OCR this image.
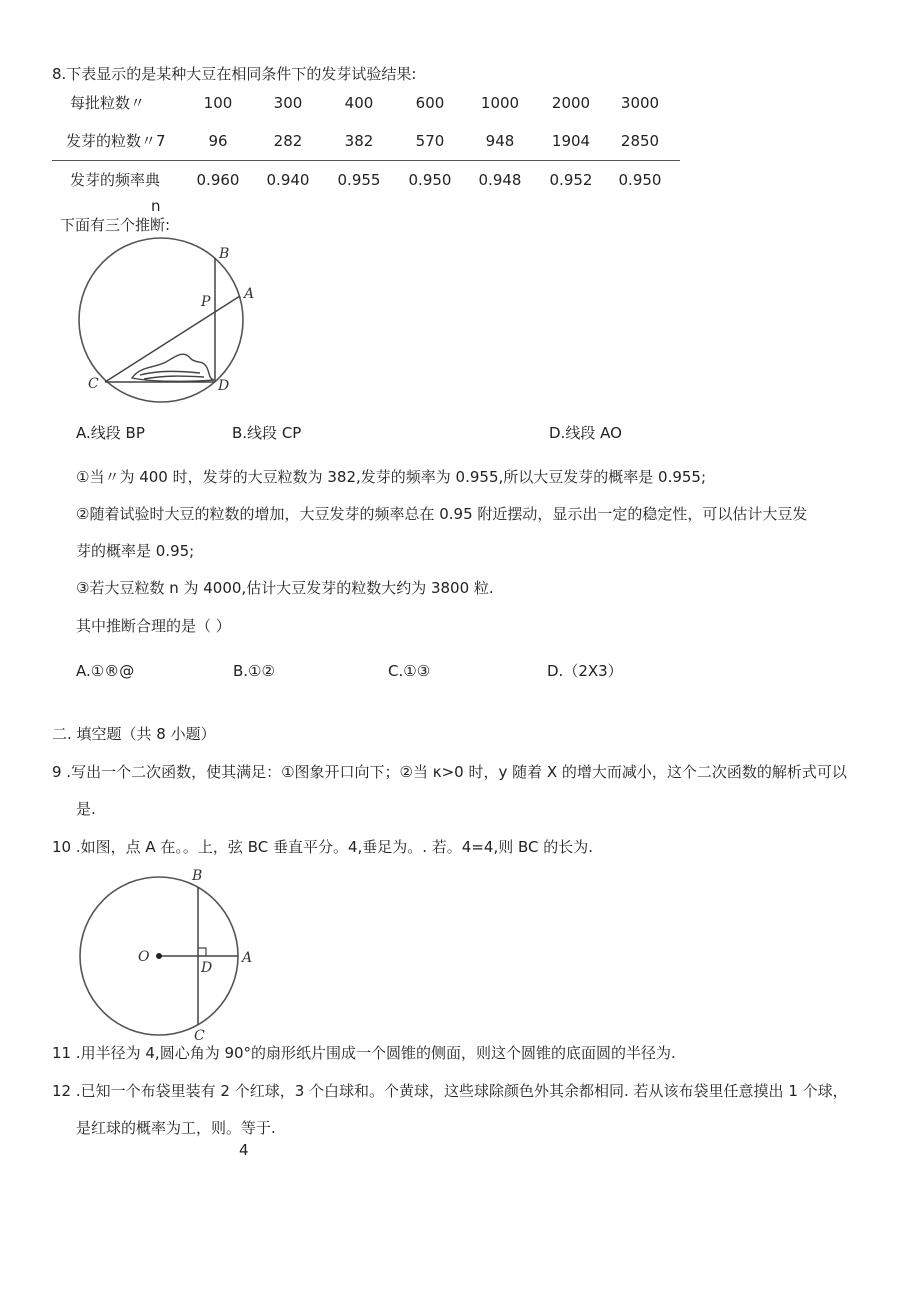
8.下表显示的是某种大豆在相同条件下的发芽试验结果:
每批粒数〃	100	300	400	600	1000	2000	3000
发芽的粒数〃7	96	282	382	570	948	1904	2850
发芽的频率典	0.960	0.940	0.955	0.950	0.948	0.952	0.950
n
下面有三个推断:
B
P A
C	D
A.线段 BP	B.线段 CP	D.线段 AO
①当〃为 400 时，发芽的大豆粒数为 382,发芽的频率为 0.955,所以大豆发芽的概率是 0.955;
②随着试验时大豆的粒数的增加，大豆发芽的频率总在 0.95 附近摆动，显示出一定的稳定性，可以估计大豆发
芽的概率是 0.95;
③若大豆粒数 n 为 4000,估计大豆发芽的粒数大约为 3800 粒.
其中推断合理的是（ ）
A.①®@	B.①②	C.①③	D.（2X3）
二. 填空题（共 8 小题）
9 .写出一个二次函数，使其满足：①图象开口向下；②当 κ>0 时，y 随着 X 的增大而减小，这个二次函数的解析式可以
是.
10 .如图，点 A 在。。上，弦 BC 垂直平分。4,垂足为。. 若。4=4,则 BC 的长为.
B
O
D
A
C
11 .用半径为 4,圆心角为 90°的扇形纸片围成一个圆锥的侧面，则这个圆锥的底面圆的半径为.
12 .已知一个布袋里装有 2 个红球，3 个白球和。个黄球，这些球除颜色外其余都相同. 若从该布袋里任意摸出 1 个球，
是红球的概率为工，则。等于.
4
